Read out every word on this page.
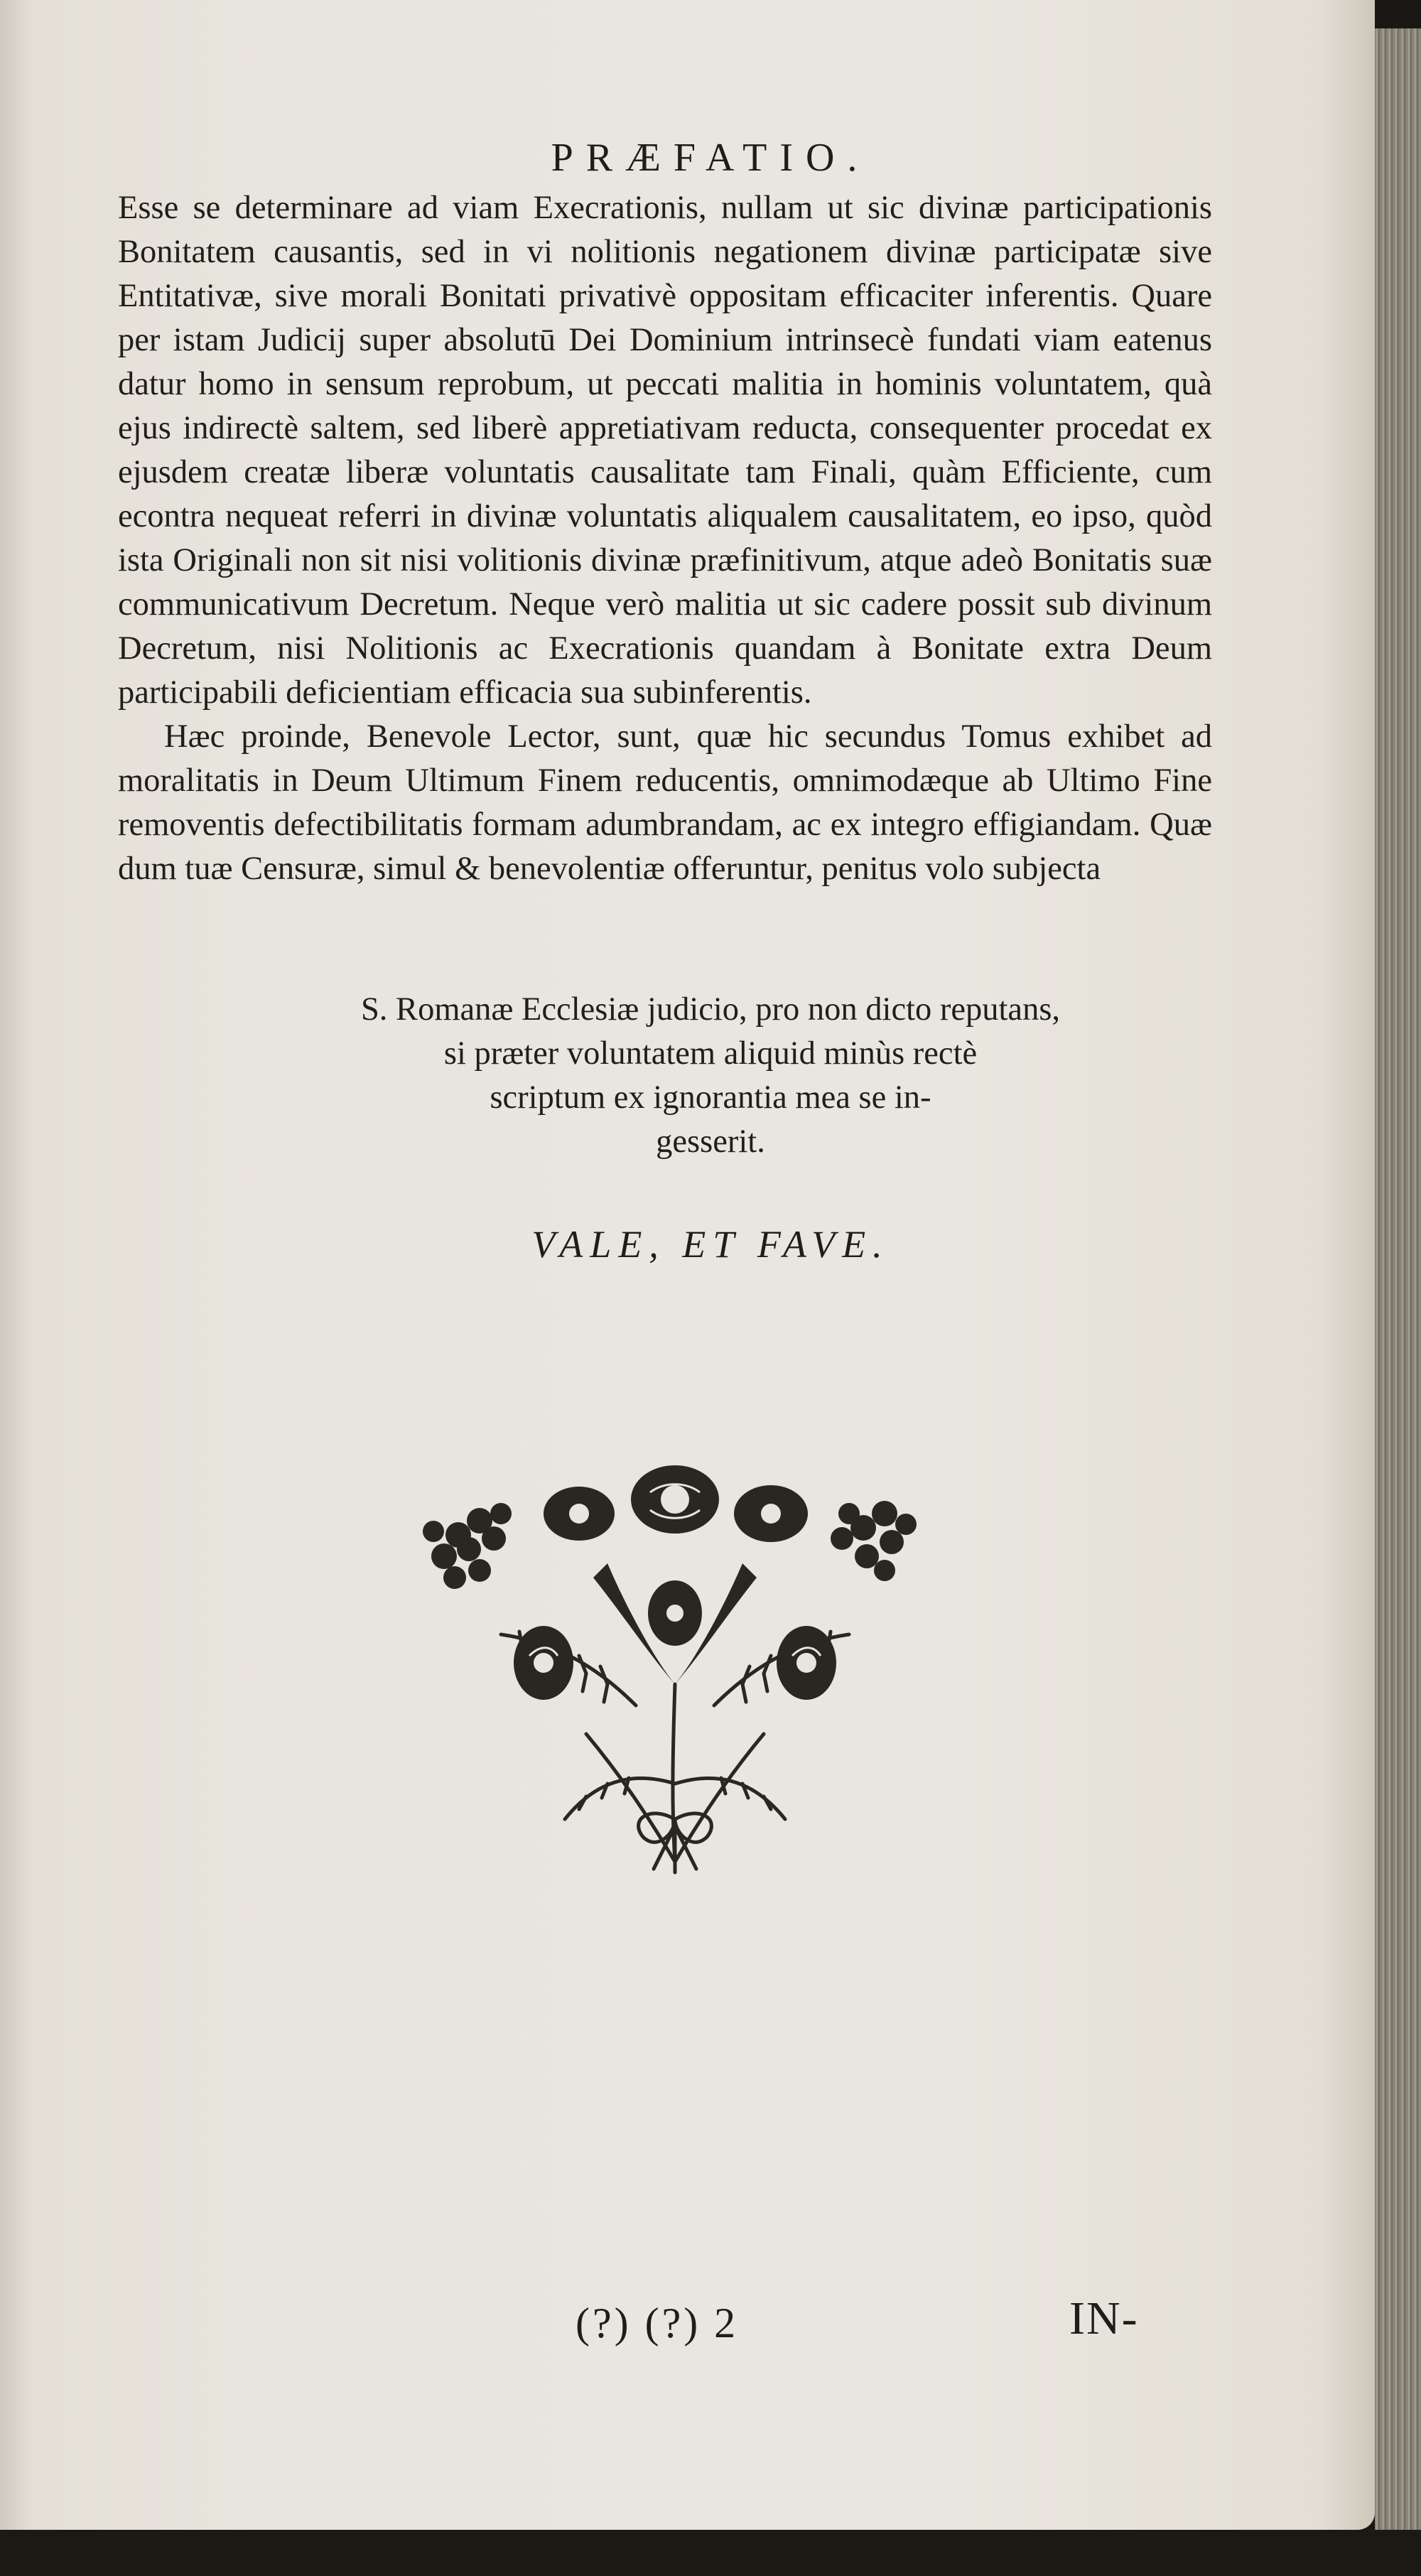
PRÆFATIO.

Esse se determinare ad viam Execrationis, nullam ut sic divinæ participationis Bonitatem causantis, sed in vi nolitionis negationem divinæ participatæ sive Entitativæ, sive morali Bonitati privativè oppositam efficaciter inferentis. Quare per istam Judicij super absolutū Dei Dominium intrinsecè fundati viam eatenus datur homo in sensum reprobum, ut peccati malitia in hominis voluntatem, quà ejus indirectè saltem, sed liberè appretiativam reducta, consequenter procedat ex ejusdem creatæ liberæ voluntatis causalitate tam Finali, quàm Efficiente, cum econtra nequeat referri in divinæ voluntatis aliqualem causalitatem, eo ipso, quòd ista Originali non sit nisi volitionis divinæ præfinitivum, atque adeò Bonitatis suæ communicativum Decretum. Neque verò malitia ut sic cadere possit sub divinum Decretum, nisi Nolitionis ac Execrationis quandam à Bonitate extra Deum participabili deficientiam efficacia sua subinferentis.

Hæc proinde, Benevole Lector, sunt, quæ hic secundus Tomus exhibet ad moralitatis in Deum Ultimum Finem reducentis, omnimodæque ab Ultimo Fine removentis defectibilitatis formam adumbrandam, ac ex integro effigiandam. Quæ dum tuæ Censuræ, simul & benevolentiæ offeruntur, penitus volo subjecta

S. Romanæ Ecclesiæ judicio, pro non dicto reputans,
si præter voluntatem aliquid minùs rectè
scriptum ex ignorantia mea se in-
gesserit.
VALE, ET FAVE.
(?) (?) 2	IN-
